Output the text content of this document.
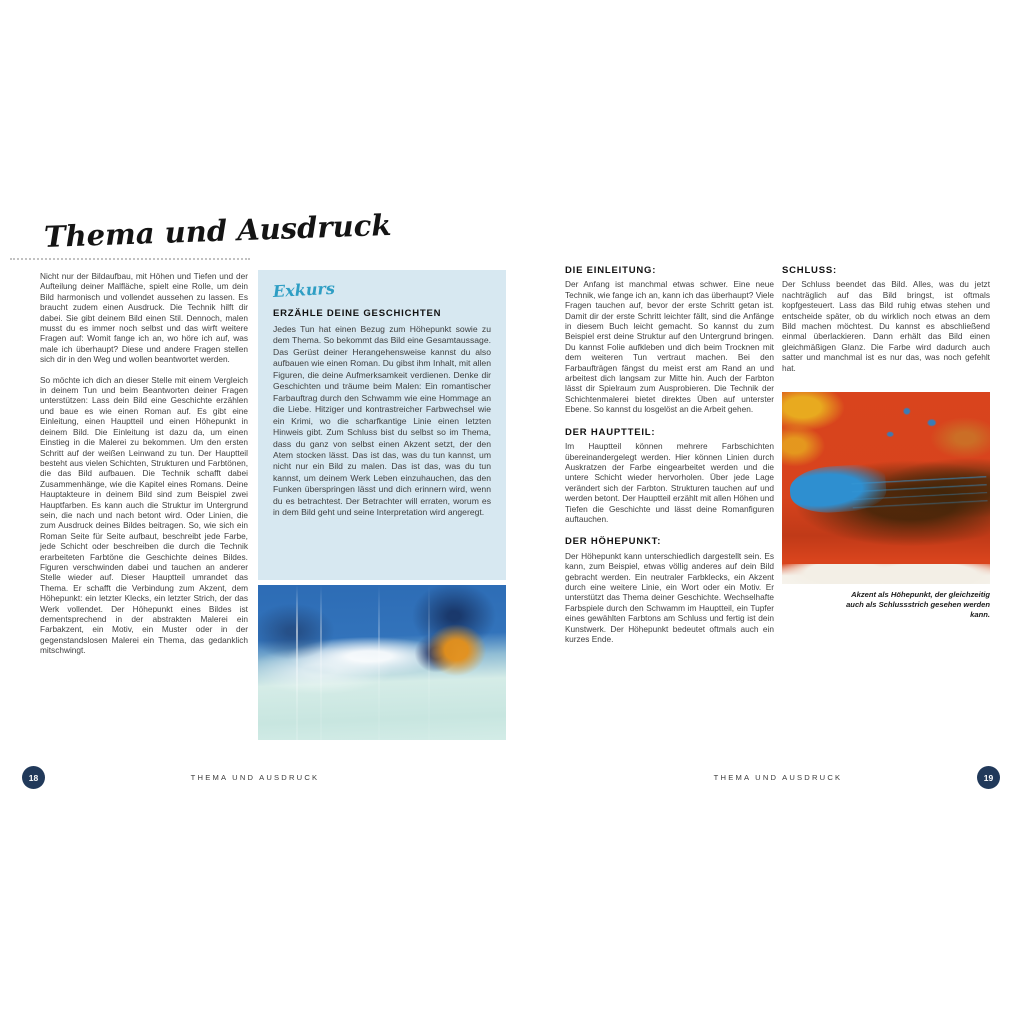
Thema und Ausdruck

Nicht nur der Bildaufbau, mit Höhen und Tiefen und der Aufteilung deiner Malfläche, spielt eine Rolle, um dein Bild harmonisch und vollendet aussehen zu lassen. Es braucht zudem einen Ausdruck. Die Technik hilft dir dabei. Sie gibt deinem Bild einen Stil. Dennoch, malen musst du es immer noch selbst und das wirft weitere Fragen auf: Womit fange ich an, wo höre ich auf, was male ich überhaupt? Diese und andere Fragen stellen sich dir in den Weg und wollen beantwortet werden.

So möchte ich dich an dieser Stelle mit einem Vergleich in deinem Tun und beim Beantworten deiner Fragen unterstützen: Lass dein Bild eine Geschichte erzählen und baue es wie einen Roman auf. Es gibt eine Einleitung, einen Hauptteil und einen Höhepunkt in deinem Bild. Die Einleitung ist dazu da, um einen Einstieg in die Malerei zu bekommen. Um den ersten Schritt auf der weißen Leinwand zu tun. Der Hauptteil besteht aus vielen Schichten, Strukturen und Farbtönen, die das Bild aufbauen. Die Technik schafft dabei Zusammenhänge, wie die Kapitel eines Romans. Deine Hauptakteure in deinem Bild sind zum Beispiel zwei Hauptfarben. Es kann auch die Struktur im Untergrund sein, die nach und nach betont wird. Oder Linien, die zum Ausdruck deines Bildes beitragen. So, wie sich ein Roman Seite für Seite aufbaut, beschreibt jede Farbe, jede Schicht oder beschreiben die durch die Technik erarbeiteten Farbtöne die Geschichte deines Bildes. Figuren verschwinden dabei und tauchen an anderer Stelle wieder auf. Dieser Hauptteil umrandet das Thema. Er schafft die Verbindung zum Akzent, dem Höhepunkt: ein letzter Klecks, ein letzter Strich, der das Werk vollendet. Der Höhepunkt eines Bildes ist dementsprechend in der abstrakten Malerei ein Farbakzent, ein Motiv, ein Muster oder in der gegenstandslosen Malerei ein Thema, das gedanklich mitschwingt.

Exkurs
ERZÄHLE DEINE GESCHICHTEN

Jedes Tun hat einen Bezug zum Höhepunkt sowie zu dem Thema. So bekommt das Bild eine Gesamtaussage. Das Gerüst deiner Herangehensweise kannst du also aufbauen wie einen Roman. Du gibst ihm Inhalt, mit allen Figuren, die deine Aufmerksamkeit verdienen. Denke dir Geschichten und träume beim Malen: Ein romantischer Farbauftrag durch den Schwamm wie eine Hommage an die Liebe. Hitziger und kontrastreicher Farbwechsel wie ein Krimi, wo die scharfkantige Linie einen letzten Hinweis gibt. Zum Schluss bist du selbst so im Thema, dass du ganz von selbst einen Akzent setzt, der den Atem stocken lässt. Das ist das, was du tun kannst, um nicht nur ein Bild zu malen. Das ist das, was du tun kannst, um deinem Werk Leben einzuhauchen, das den Funken überspringen lässt und dich erinnern wird, wenn du es betrachtest. Der Betrachter will erraten, worum es in dem Bild geht und seine Interpretation wird angeregt.

DIE EINLEITUNG:

Der Anfang ist manchmal etwas schwer. Eine neue Technik, wie fange ich an, kann ich das überhaupt? Viele Fragen tauchen auf, bevor der erste Schritt getan ist. Damit dir der erste Schritt leichter fällt, sind die Anfänge in diesem Buch leicht gemacht. So kannst du zum Beispiel erst deine Struktur auf den Untergrund bringen. Du kannst Folie aufkleben und dich beim Trocknen mit dem weiteren Tun vertraut machen. Bei den Farbaufträgen fängst du meist erst am Rand an und arbeitest dich langsam zur Mitte hin. Auch der Farbton lässt dir Spielraum zum Ausprobieren. Die Technik der Schichtenmalerei bietet direktes Üben auf unterster Ebene. So kannst du losgelöst an die Arbeit gehen.

DER HAUPTTEIL:

Im Hauptteil können mehrere Farbschichten übereinandergelegt werden. Hier können Linien durch Auskratzen der Farbe eingearbeitet werden und die untere Schicht wieder hervorholen. Über jede Lage verändert sich der Farbton. Strukturen tauchen auf und werden betont. Der Hauptteil erzählt mit allen Höhen und Tiefen die Geschichte und lässt deine Romanfiguren auftauchen.

DER HÖHEPUNKT:

Der Höhepunkt kann unterschiedlich dargestellt sein. Es kann, zum Beispiel, etwas völlig anderes auf dein Bild gebracht werden. Ein neutraler Farbklecks, ein Akzent durch eine weitere Linie, ein Wort oder ein Motiv. Er unterstützt das Thema deiner Geschichte. Wechselhafte Farbspiele durch den Schwamm im Hauptteil, ein Tupfer eines gewählten Farbtons am Schluss und fertig ist dein Kunstwerk. Der Höhepunkt bedeutet oftmals auch ein kurzes Ende.

SCHLUSS:

Der Schluss beendet das Bild. Alles, was du jetzt nachträglich auf das Bild bringst, ist oftmals kopfgesteuert. Lass das Bild ruhig etwas stehen und entscheide später, ob du wirklich noch etwas an dem Bild machen möchtest. Du kannst es abschließend einmal überlackieren. Dann erhält das Bild einen gleichmäßigen Glanz. Die Farbe wird dadurch auch satter und manchmal ist es nur das, was noch gefehlt hat.

Akzent als Höhepunkt, der gleichzeitig auch als Schlussstrich gesehen werden kann.
18	THEMA UND AUSDRUCK	THEMA UND AUSDRUCK	19
